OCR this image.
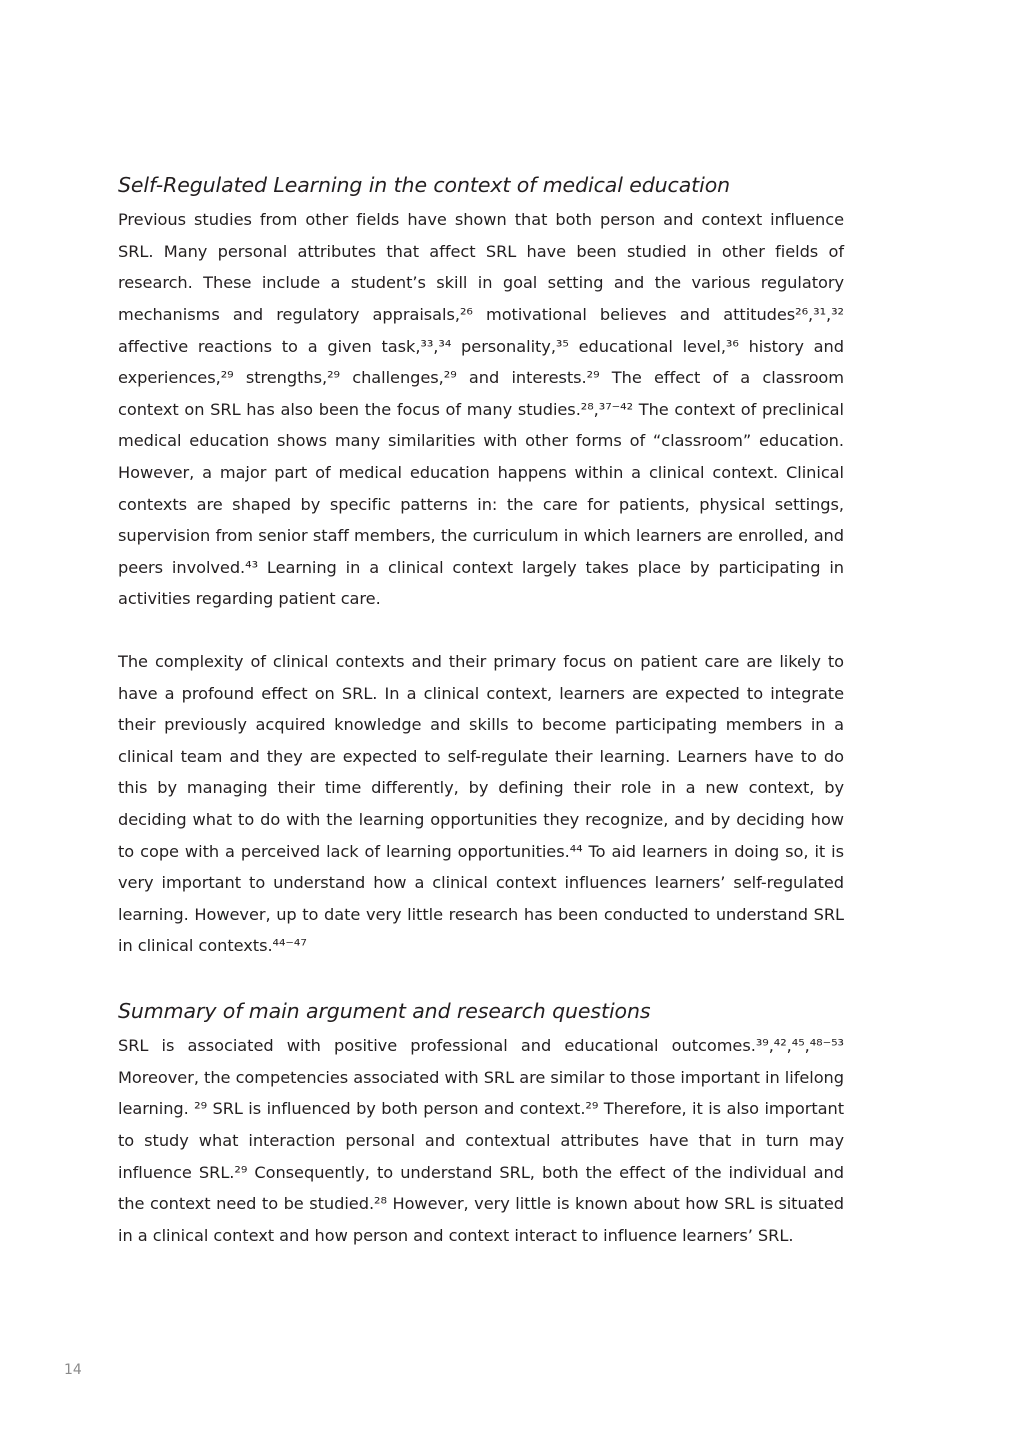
Self-Regulated Learning in the context of medical education

Previous studies from other fields have shown that both person and context influence SRL. Many personal attributes that affect SRL have been studied in other fields of research. These include a student’s skill in goal setting and the various regulatory mechanisms and regulatory appraisals,²⁶ motivational believes and attitudes²⁶,³¹,³² affective reactions to a given task,³³,³⁴ personality,³⁵ educational level,³⁶ history and experiences,²⁹ strengths,²⁹ challenges,²⁹ and interests.²⁹ The effect of a classroom context on SRL has also been the focus of many studies.²⁸,³⁷⁻⁴² The context of preclinical medical education shows many similarities with other forms of “classroom” education. However, a major part of medical education happens within a clinical context. Clinical contexts are shaped by specific patterns in: the care for patients, physical settings, supervision from senior staff members, the curriculum in which learners are enrolled, and peers involved.⁴³ Learning in a clinical context largely takes place by participating in activities regarding patient care.

The complexity of clinical contexts and their primary focus on patient care are likely to have a profound effect on SRL. In a clinical context, learners are expected to integrate their previously acquired knowledge and skills to become participating members in a clinical team and they are expected to self-regulate their learning. Learners have to do this by managing their time differently, by defining their role in a new context, by deciding what to do with the learning opportunities they recognize, and by deciding how to cope with a perceived lack of learning opportunities.⁴⁴ To aid learners in doing so, it is very important to understand how a clinical context influences learners’ self-regulated learning. However, up to date very little research has been conducted to understand SRL in clinical contexts.⁴⁴⁻⁴⁷

Summary of main argument and research questions

SRL is associated with positive professional and educational outcomes.³⁹,⁴²,⁴⁵,⁴⁸⁻⁵³ Moreover, the competencies associated with SRL are similar to those important in lifelong learning. ²⁹ SRL is influenced by both person and context.²⁹ Therefore, it is also important to study what interaction personal and contextual attributes have that in turn may influence SRL.²⁹ Consequently, to understand SRL, both the effect of the individual and the context need to be studied.²⁸ However, very little is known about how SRL is situated in a clinical context and how person and context interact to influence learners’ SRL.

14
